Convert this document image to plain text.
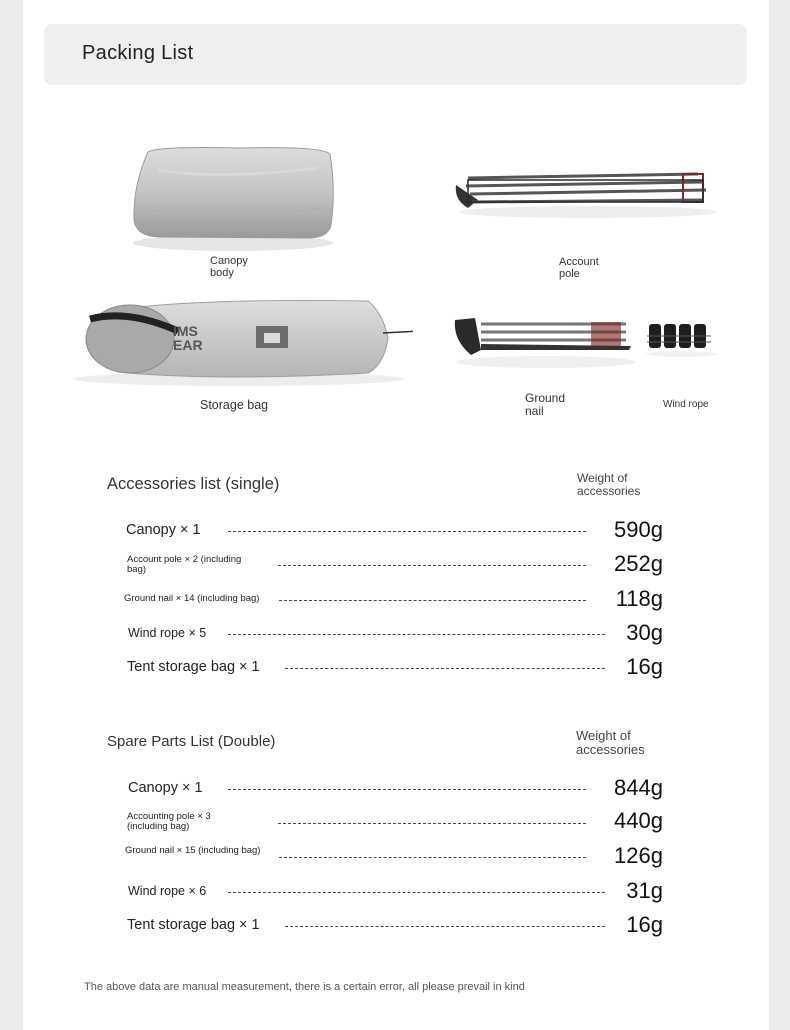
Packing List
Canopy
body
Account
pole
IMS
EAR
Storage bag	Ground
nail	Wind rope
Accessories list (single)	Weight of
accessories
Canopy × 1	590g
Account pole × 2 (including bag)	252g
Ground nail × 14 (including bag)	118g
Wind rope × 5	30g
Tent storage bag × 1	16g
Spare Parts List (Double)	Weight of
accessories
Canopy × 1	844g
Accounting pole × 3 (including bag)	440g
Ground nail × 15 (including bag)	126g
Wind rope × 6	31g
Tent storage bag × 1	16g
The above data are manual measurement, there is a certain error, all please prevail in kind
